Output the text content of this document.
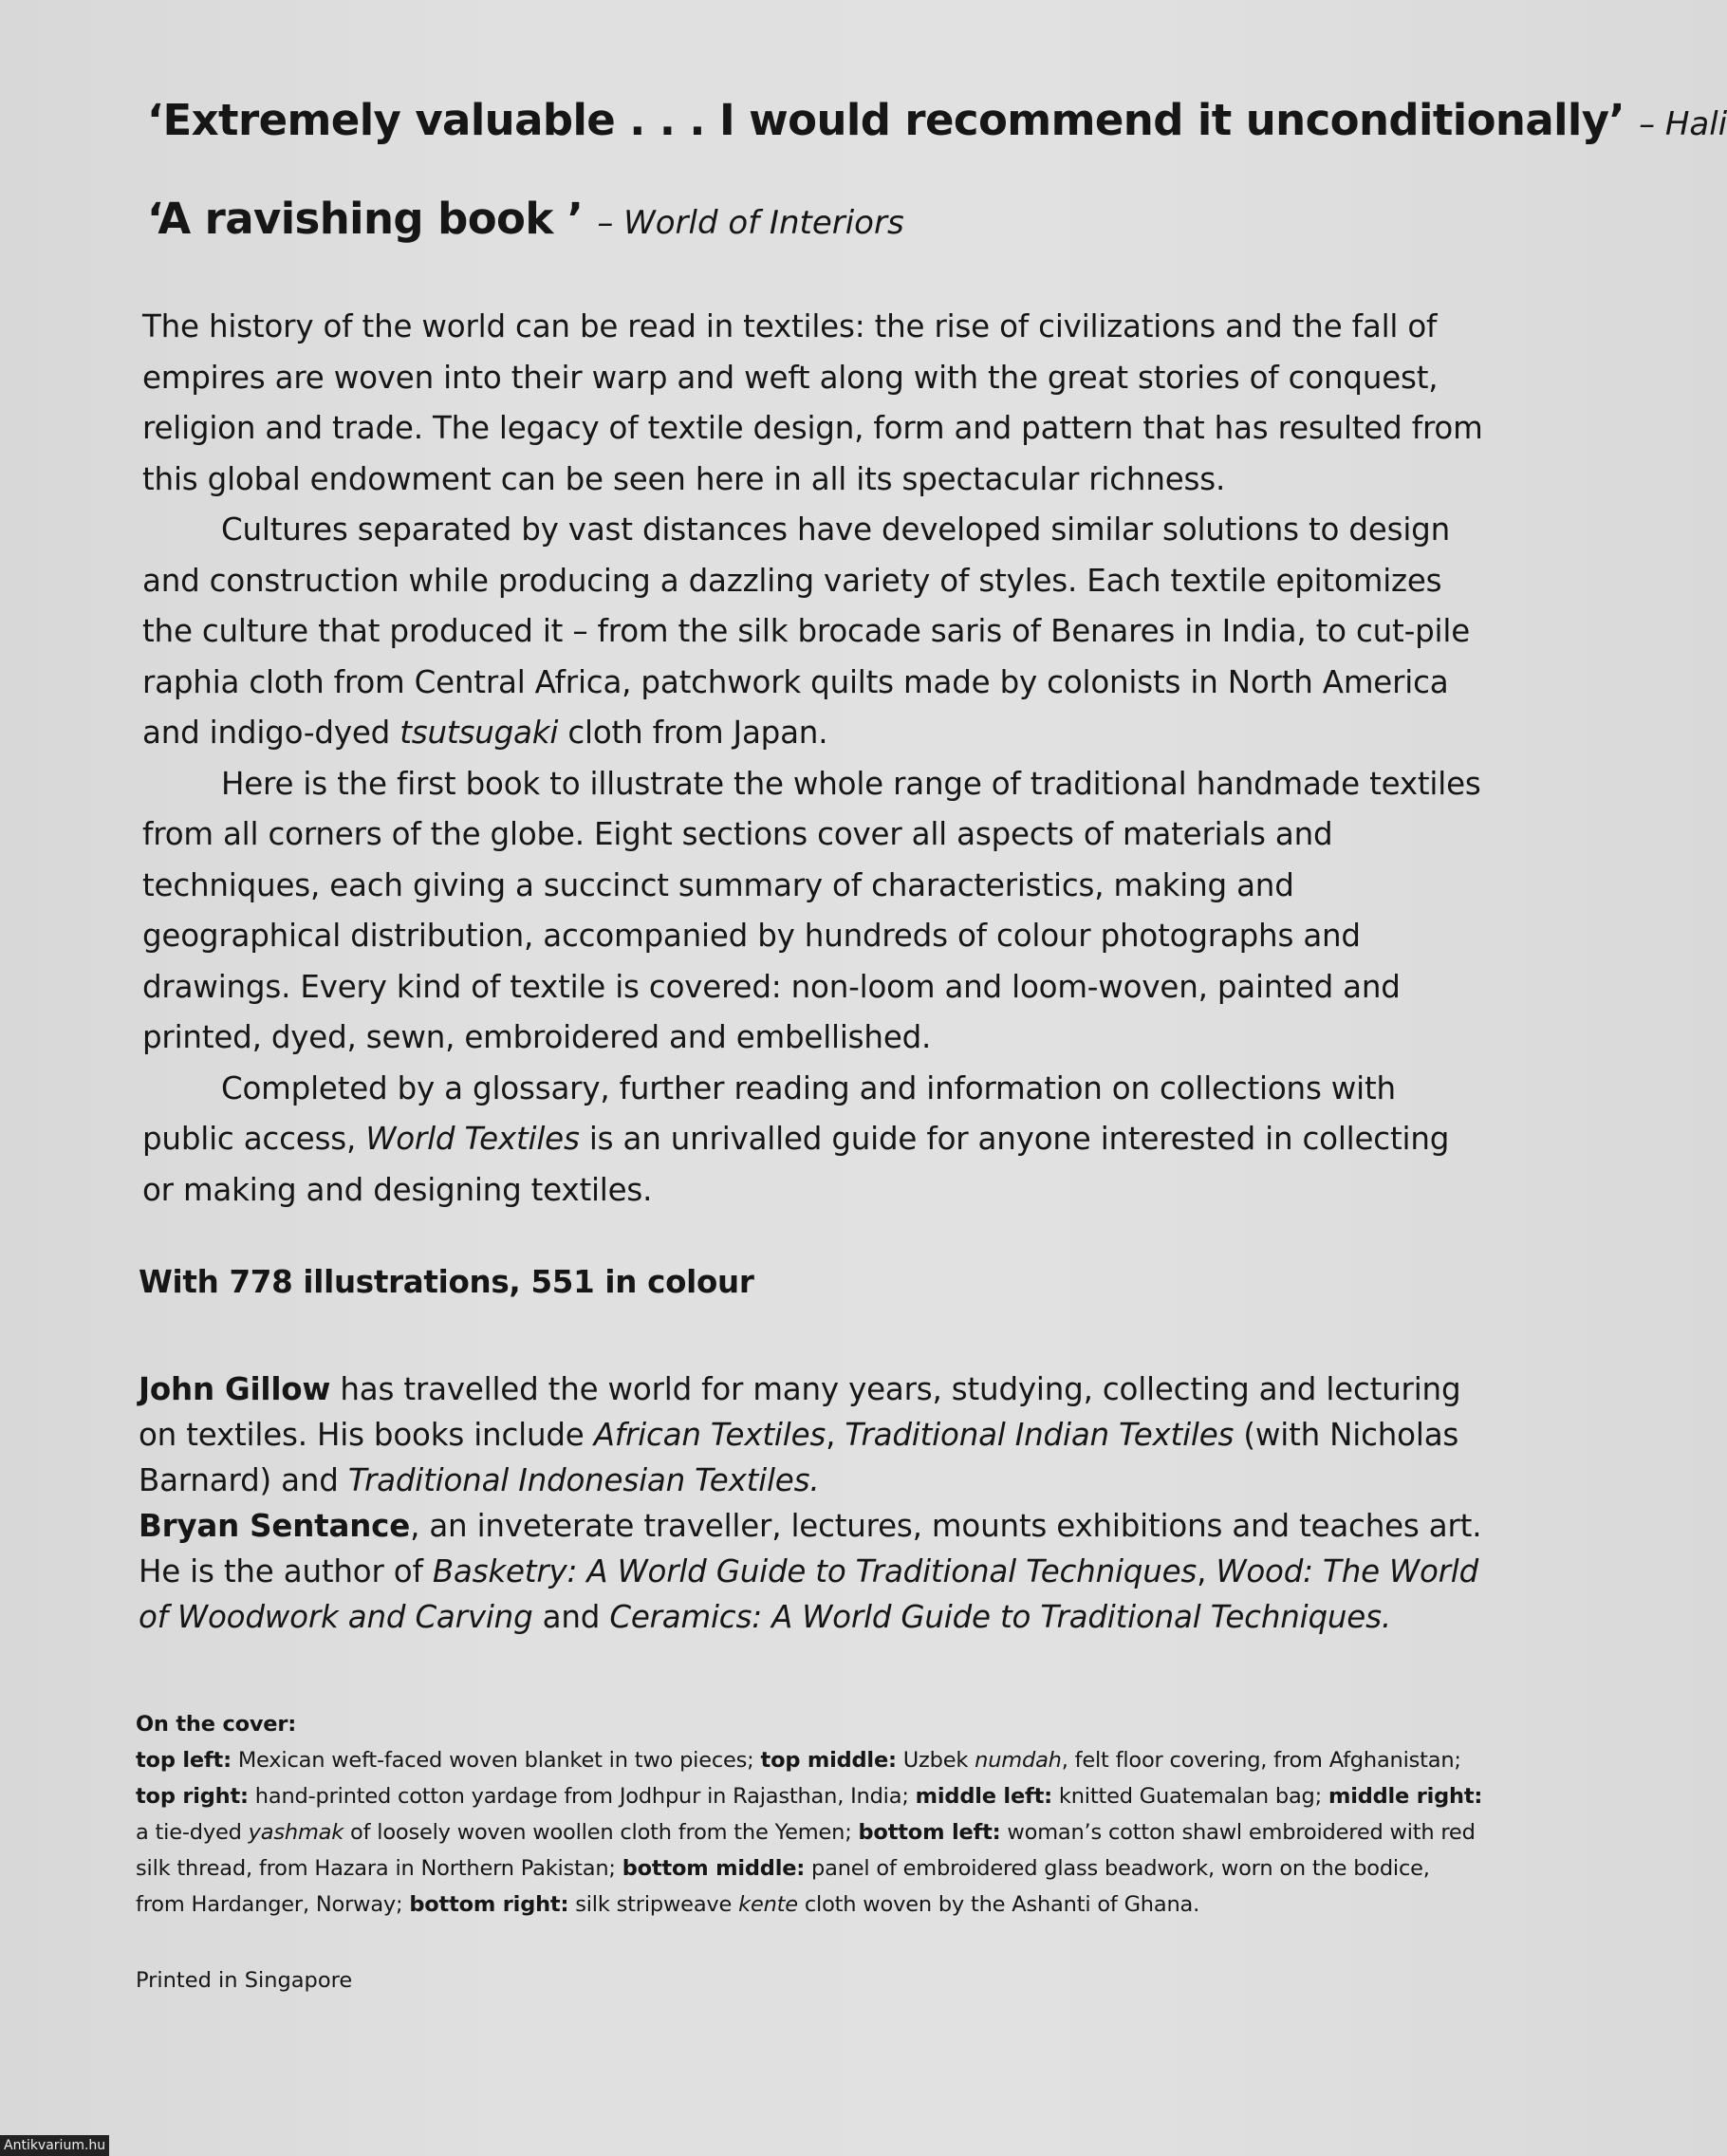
‘Extremely valuable . . . I would recommend it unconditionally’ – Hali
‘A ravishing book ’ – World of Interiors

The history of the world can be read in textiles: the rise of civilizations and the fall of empires are woven into their warp and weft along with the great stories of conquest, religion and trade. The legacy of textile design, form and pattern that has resulted from this global endowment can be seen here in all its spectacular richness.

Cultures separated by vast distances have developed similar solutions to design and construction while producing a dazzling variety of styles. Each textile epitomizes the culture that produced it – from the silk brocade saris of Benares in India, to cut-pile raphia cloth from Central Africa, patchwork quilts made by colonists in North America and indigo-dyed tsutsugaki cloth from Japan.

Here is the first book to illustrate the whole range of traditional handmade textiles from all corners of the globe. Eight sections cover all aspects of materials and techniques, each giving a succinct summary of characteristics, making and geographical distribution, accompanied by hundreds of colour photographs and drawings. Every kind of textile is covered: non-loom and loom-woven, painted and printed, dyed, sewn, embroidered and embellished.

Completed by a glossary, further reading and information on collections with public access, World Textiles is an unrivalled guide for anyone interested in collecting or making and designing textiles.

With 778 illustrations, 551 in colour

John Gillow has travelled the world for many years, studying, collecting and lecturing on textiles. His books include African Textiles, Traditional Indian Textiles (with Nicholas Barnard) and Traditional Indonesian Textiles.

Bryan Sentance, an inveterate traveller, lectures, mounts exhibitions and teaches art. He is the author of Basketry: A World Guide to Traditional Techniques, Wood: The World of Woodwork and Carving and Ceramics: A World Guide to Traditional Techniques.

On the cover:
top left: Mexican weft-faced woven blanket in two pieces; top middle: Uzbek numdah, felt floor covering, from Afghanistan; top right: hand-printed cotton yardage from Jodhpur in Rajasthan, India; middle left: knitted Guatemalan bag; middle right: a tie-dyed yashmak of loosely woven woollen cloth from the Yemen; bottom left: woman’s cotton shawl embroidered with red silk thread, from Hazara in Northern Pakistan; bottom middle: panel of embroidered glass beadwork, worn on the bodice, from Hardanger, Norway; bottom right: silk stripweave kente cloth woven by the Ashanti of Ghana.
Printed in Singapore
Antikvarium.hu
